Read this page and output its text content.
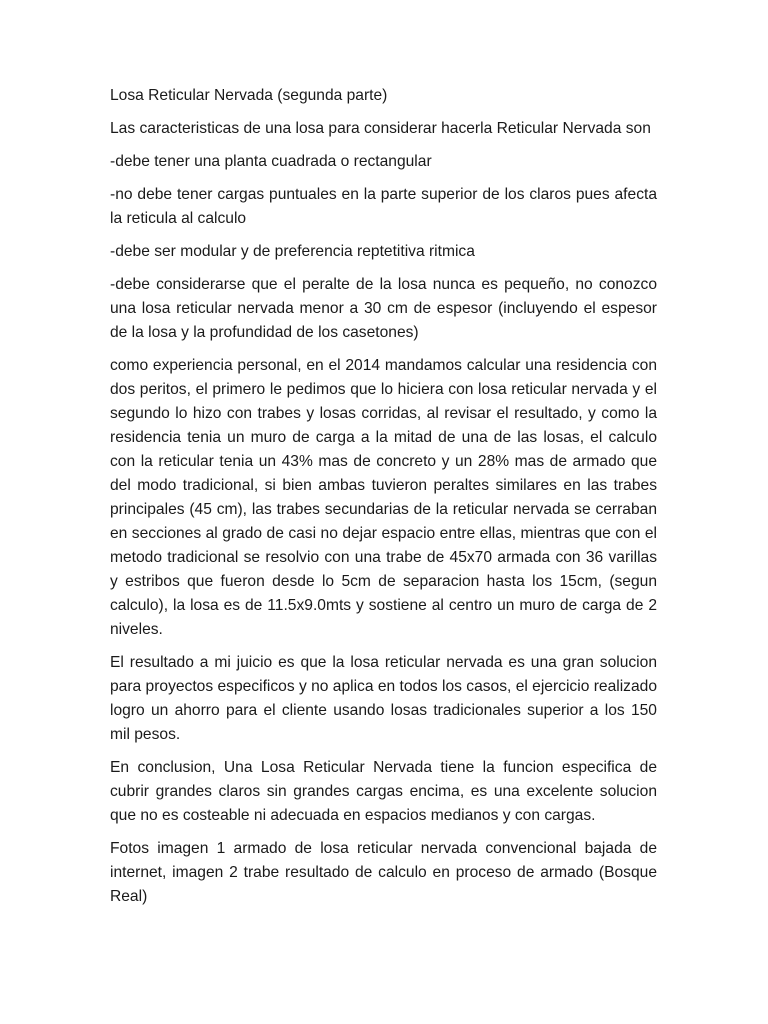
Losa Reticular Nervada (segunda parte)

Las caracteristicas de una losa para considerar hacerla Reticular Nervada son

-debe tener una planta cuadrada o rectangular

-no debe tener cargas puntuales en la parte superior de los claros pues afecta la reticula al calculo

-debe ser modular y de preferencia reptetitiva ritmica

-debe considerarse que el peralte de la losa nunca es pequeño, no conozco una losa reticular nervada menor a 30 cm de espesor (incluyendo el espesor de la losa y la profundidad de los casetones)

como experiencia personal, en el 2014 mandamos calcular una residencia con dos peritos, el primero le pedimos que lo hiciera con losa reticular nervada y el segundo lo hizo con trabes y losas corridas, al revisar el resultado, y como la residencia tenia un muro de carga a la mitad de una de las losas, el calculo con la reticular tenia un 43% mas de concreto y un 28% mas de armado que del modo tradicional, si bien ambas tuvieron peraltes similares en las trabes principales (45 cm), las trabes secundarias de la reticular nervada se cerraban en secciones al grado de casi no dejar espacio entre ellas, mientras que con el metodo tradicional se resolvio con una trabe de 45x70 armada con 36 varillas y estribos que fueron desde lo 5cm de separacion hasta los 15cm, (segun calculo), la losa es de 11.5x9.0mts y sostiene al centro un muro de carga de 2 niveles.

El resultado a mi juicio es que la losa reticular nervada es una gran solucion para proyectos especificos y no aplica en todos los casos, el ejercicio realizado logro un ahorro para el cliente usando losas tradicionales superior a los 150 mil pesos.

En conclusion, Una Losa Reticular Nervada tiene la funcion especifica de cubrir grandes claros sin grandes cargas encima, es una excelente solucion que no es costeable ni adecuada en espacios medianos y con cargas.

Fotos imagen 1 armado de losa reticular nervada convencional bajada de internet, imagen 2 trabe resultado de calculo en proceso de armado (Bosque Real)
